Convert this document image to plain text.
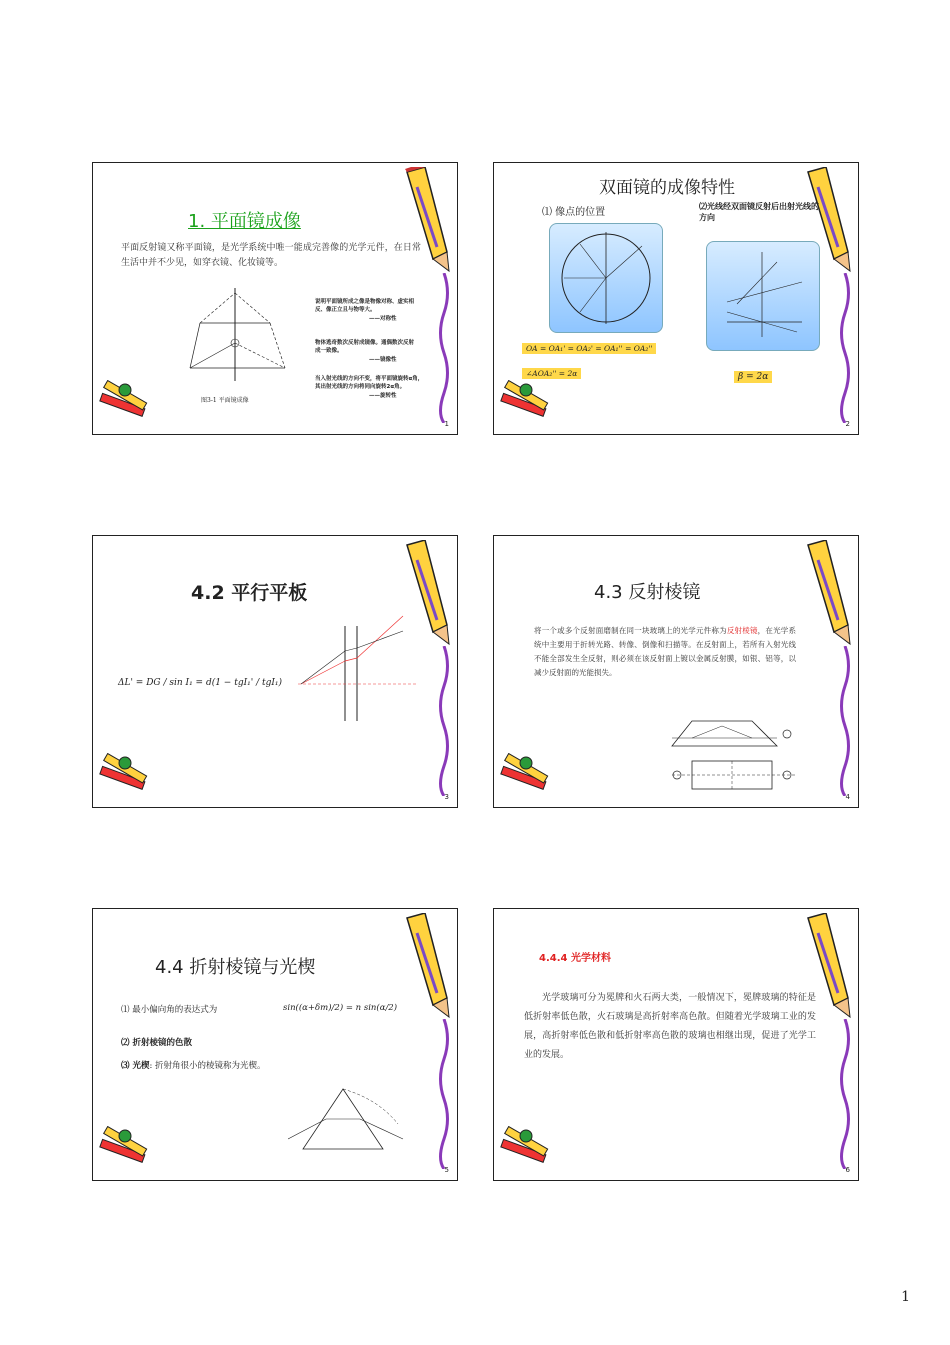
1. 平面镜成像
平面反射镜又称平面镜，是光学系统中唯一能成完善像的光学元件，在日常生活中并不少见，如穿衣镜、化妆镜等。
说明平面镜所成之像是物像对称、虚实相反、像正立且与物等大。
——对称性
物体逃奇数次反射成镜像。通偶数次反射成一致像。
——镜像性
当入射光线的方向不变，将平面镜旋转α角，其出射光线的方向将同向旋转2α角。
——旋转性
图3-1 平面镜成像
1
双面镜的成像特性
⑴ 像点的位置
⑵光线经双面镜反射后出射光线的方向
OA = OA₁' = OA₂' = OA₁'' = OA₂''
∠AOA₂'' = 2α	β = 2α
2
4.2 平行平板
ΔL' = DG / sin I₁ = d(1 − tgI₁' / tgI₁)
3
4.3 反射棱镜
将一个或多个反射面磨制在同一块玻璃上的光学元件称为反射棱镜，在光学系统中主要用于折转光路、转像、倒像和扫描等。在反射面上，若所有入射光线不能全部发生全反射，则必须在该反射面上镀以金属反射膜，如银、铝等，以减少反射面的光能损失。
4
4.4 折射棱镜与光楔
⑴ 最小偏向角的表达式为	sin((α+δm)/2) = n sin(α/2)
⑵ 折射棱镜的色散
⑶ 光楔: 折射角很小的棱镜称为光楔。
5
4.4.4 光学材料
光学玻璃可分为冕牌和火石两大类，一般情况下，冕牌玻璃的特征是低折射率低色散，火石玻璃是高折射率高色散。但随着光学玻璃工业的发展，高折射率低色散和低折射率高色散的玻璃也相继出现，促进了光学工业的发展。
6
1
